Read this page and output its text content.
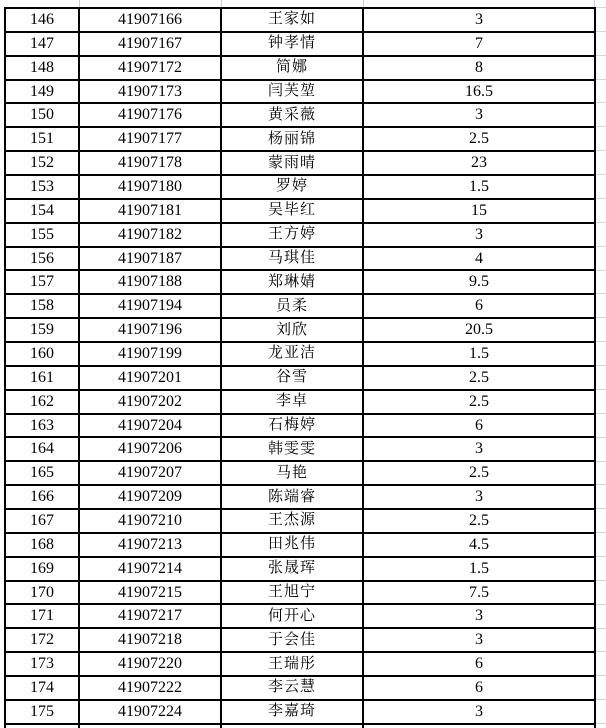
146	41907166	王家如	3
147	41907167	钟孝情	7
148	41907172	简娜	8
149	41907173	闫芙堃	16.5
150	41907176	黄采薇	3
151	41907177	杨丽锦	2.5
152	41907178	蒙雨晴	23
153	41907180	罗婷	1.5
154	41907181	吴毕红	15
155	41907182	王方婷	3
156	41907187	马琪佳	4
157	41907188	郑琳婧	9.5
158	41907194	员柔	6
159	41907196	刘欣	20.5
160	41907199	龙亚洁	1.5
161	41907201	谷雪	2.5
162	41907202	李卓	2.5
163	41907204	石梅婷	6
164	41907206	韩雯雯	3
165	41907207	马艳	2.5
166	41907209	陈端睿	3
167	41907210	王杰源	2.5
168	41907213	田兆伟	4.5
169	41907214	张晟珲	1.5
170	41907215	王旭宁	7.5
171	41907217	何开心	3
172	41907218	于会佳	3
173	41907220	王瑞彤	6
174	41907222	李云慧	6
175	41907224	李嘉琦	3
